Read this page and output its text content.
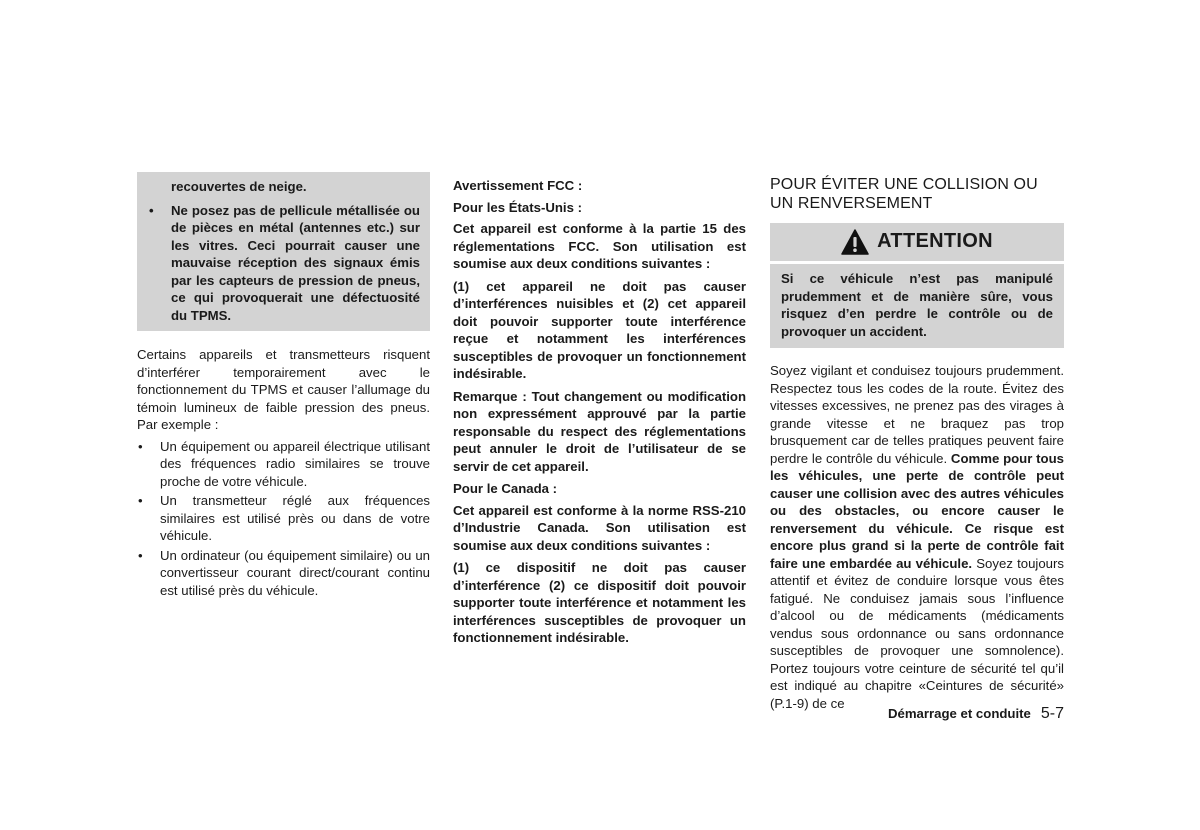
recouvertes de neige.

• Ne posez pas de pellicule métallisée ou de pièces en métal (antennes etc.) sur les vitres. Ceci pourrait causer une mauvaise réception des signaux émis par les capteurs de pression de pneus, ce qui provoquerait une défectuosité du TPMS.

Certains appareils et transmetteurs risquent d’interférer temporairement avec le fonctionnement du TPMS et causer l’allumage du témoin lumineux de faible pression des pneus. Par exemple :

• Un équipement ou appareil électrique utilisant des fréquences radio similaires se trouve proche de votre véhicule.
• Un transmetteur réglé aux fréquences similaires est utilisé près ou dans de votre véhicule.
• Un ordinateur (ou équipement similaire) ou un convertisseur courant direct/courant continu est utilisé près du véhicule.

Avertissement FCC :

Pour les États-Unis :

Cet appareil est conforme à la partie 15 des réglementations FCC. Son utilisation est soumise aux deux conditions suivantes :

(1) cet appareil ne doit pas causer d’interférences nuisibles et (2) cet appareil doit pouvoir supporter toute interférence reçue et notamment les interférences susceptibles de provoquer un fonctionnement indésirable.

Remarque : Tout changement ou modification non expressément approuvé par la partie responsable du respect des réglementations peut annuler le droit de l’utilisateur de se servir de cet appareil.

Pour le Canada :

Cet appareil est conforme à la norme RSS-210 d’Industrie Canada. Son utilisation est soumise aux deux conditions suivantes :

(1) ce dispositif ne doit pas causer d’interférence (2) ce dispositif doit pouvoir supporter toute interférence et notamment les interférences susceptibles de provoquer un fonctionnement indésirable.

POUR ÉVITER UNE COLLISION OU UN RENVERSEMENT
ATTENTION
Si ce véhicule n’est pas manipulé prudemment et de manière sûre, vous risquez d’en perdre le contrôle ou de provoquer un accident.

Soyez vigilant et conduisez toujours prudemment. Respectez tous les codes de la route. Évitez des vitesses excessives, ne prenez pas des virages à grande vitesse et ne braquez pas trop brusquement car de telles pratiques peuvent faire perdre le contrôle du véhicule. Comme pour tous les véhicules, une perte de contrôle peut causer une collision avec des autres véhicules ou des obstacles, ou encore causer le renversement du véhicule. Ce risque est encore plus grand si la perte de contrôle fait faire une embardée au véhicule. Soyez toujours attentif et évitez de conduire lorsque vous êtes fatigué. Ne conduisez jamais sous l’influence d’alcool ou de médicaments (médicaments vendus sous ordonnance ou sans ordonnance susceptibles de provoquer une somnolence). Portez toujours votre ceinture de sécurité tel qu’il est indiqué au chapitre «Ceintures de sécurité» (P.1-9) de ce

Démarrage et conduite 5-7
